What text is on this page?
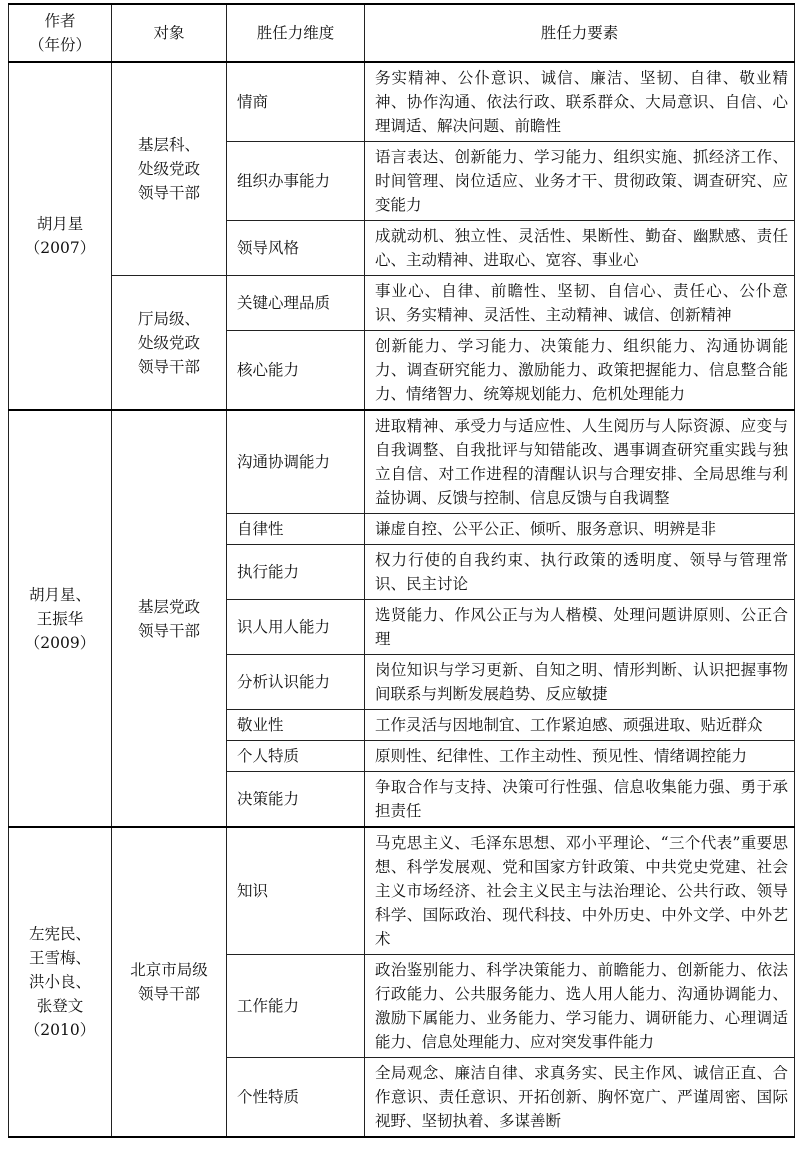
作者
（年份）	对象	胜任力维度	胜任力要素

胡月星
（2007）	基层科、
处级党政
领导干部	情商	务实精神、公仆意识、诚信、廉洁、坚韧、自律、敬业精神、协作沟通、依法行政、联系群众、大局意识、自信、心理调适、解决问题、前瞻性
		组织办事能力	语言表达、创新能力、学习能力、组织实施、抓经济工作、时间管理、岗位适应、业务才干、贯彻政策、调查研究、应变能力
		领导风格	成就动机、独立性、灵活性、果断性、勤奋、幽默感、责任心、主动精神、进取心、宽容、事业心

	厅局级、
处级党政
领导干部	关键心理品质	事业心、自律、前瞻性、坚韧、自信心、责任心、公仆意识、务实精神、灵活性、主动精神、诚信、创新精神
		核心能力	创新能力、学习能力、决策能力、组织能力、沟通协调能力、调查研究能力、激励能力、政策把握能力、信息整合能力、情绪智力、统筹规划能力、危机处理能力

胡月星、
王振华
（2009）	基层党政
领导干部	沟通协调能力	进取精神、承受力与适应性、人生阅历与人际资源、应变与自我调整、自我批评与知错能改、遇事调查研究重实践与独立自信、对工作进程的清醒认识与合理安排、全局思维与利益协调、反馈与控制、信息反馈与自我调整
		自律性	谦虚自控、公平公正、倾听、服务意识、明辨是非
		执行能力	权力行使的自我约束、执行政策的透明度、领导与管理常识、民主讨论
		识人用人能力	选贤能力、作风公正与为人楷模、处理问题讲原则、公正合理
		分析认识能力	岗位知识与学习更新、自知之明、情形判断、认识把握事物间联系与判断发展趋势、反应敏捷
		敬业性	工作灵活与因地制宜、工作紧迫感、顽强进取、贴近群众
		个人特质	原则性、纪律性、工作主动性、预见性、情绪调控能力
		决策能力	争取合作与支持、决策可行性强、信息收集能力强、勇于承担责任

左宪民、
王雪梅、
洪小良、
张登文
（2010）	北京市局级
领导干部	知识	马克思主义、毛泽东思想、邓小平理论、“三个代表”重要思想、科学发展观、党和国家方针政策、中共党史党建、社会主义市场经济、社会主义民主与法治理论、公共行政、领导科学、国际政治、现代科技、中外历史、中外文学、中外艺术
		工作能力	政治鉴别能力、科学决策能力、前瞻能力、创新能力、依法行政能力、公共服务能力、选人用人能力、沟通协调能力、激励下属能力、业务能力、学习能力、调研能力、心理调适能力、信息处理能力、应对突发事件能力
		个性特质	全局观念、廉洁自律、求真务实、民主作风、诚信正直、合作意识、责任意识、开拓创新、胸怀宽广、严谨周密、国际视野、坚韧执着、多谋善断
